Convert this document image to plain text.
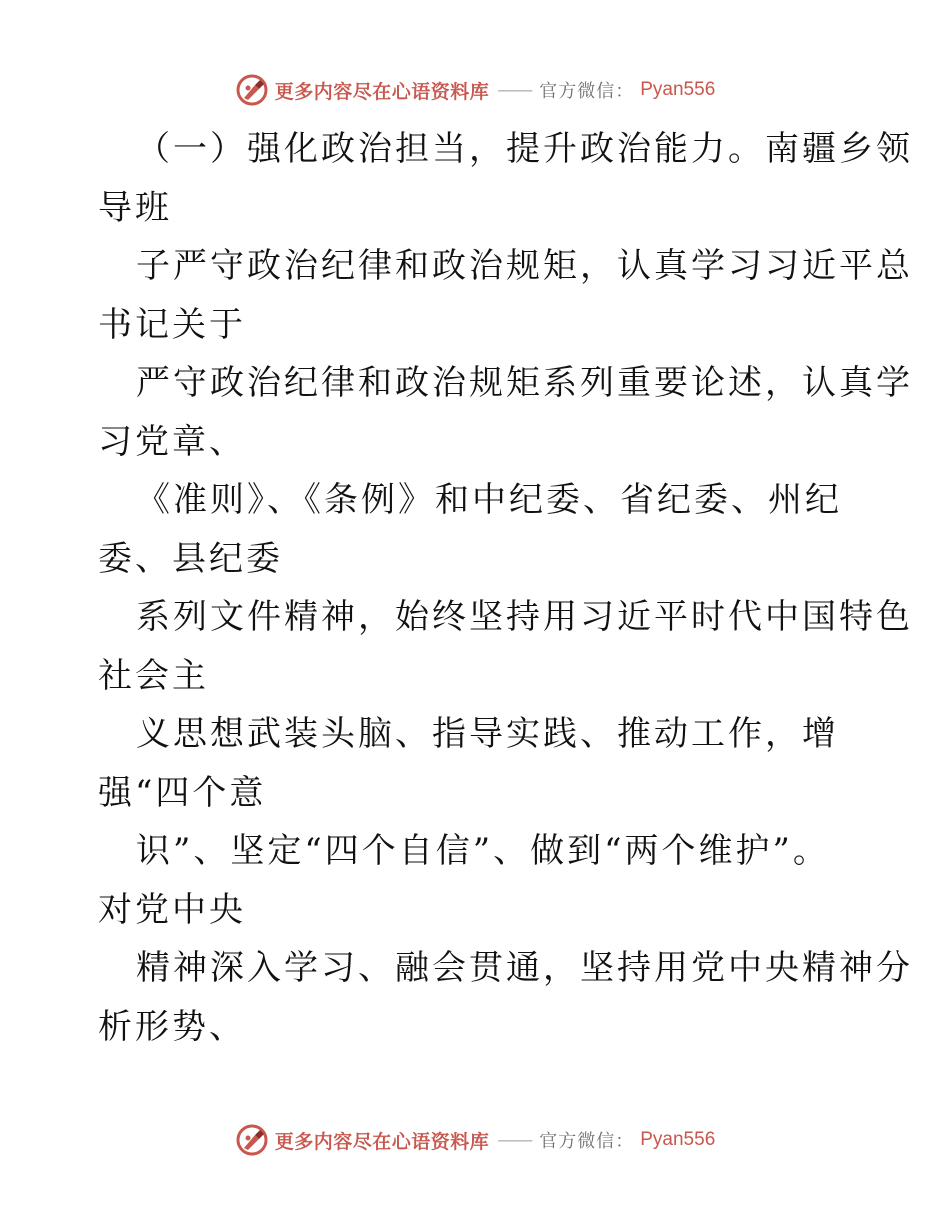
更多内容尽在心语资料库 —— 官方微信： Pyan556
（一）强化政治担当，提升政治能力。南疆乡领
导班
子严守政治纪律和政治规矩，认真学习习近平总
书记关于
严守政治纪律和政治规矩系列重要论述，认真学
习党章、
《准则》、《条例》和中纪委、省纪委、州纪
委、县纪委
系列文件精神，始终坚持用习近平时代中国特色
社会主
义思想武装头脑、指导实践、推动工作，增
强“四个意
识”、坚定“四个自信”、做到“两个维护”。
对党中央
精神深入学习、融会贯通，坚持用党中央精神分
析形势、
更多内容尽在心语资料库 —— 官方微信： Pyan556
